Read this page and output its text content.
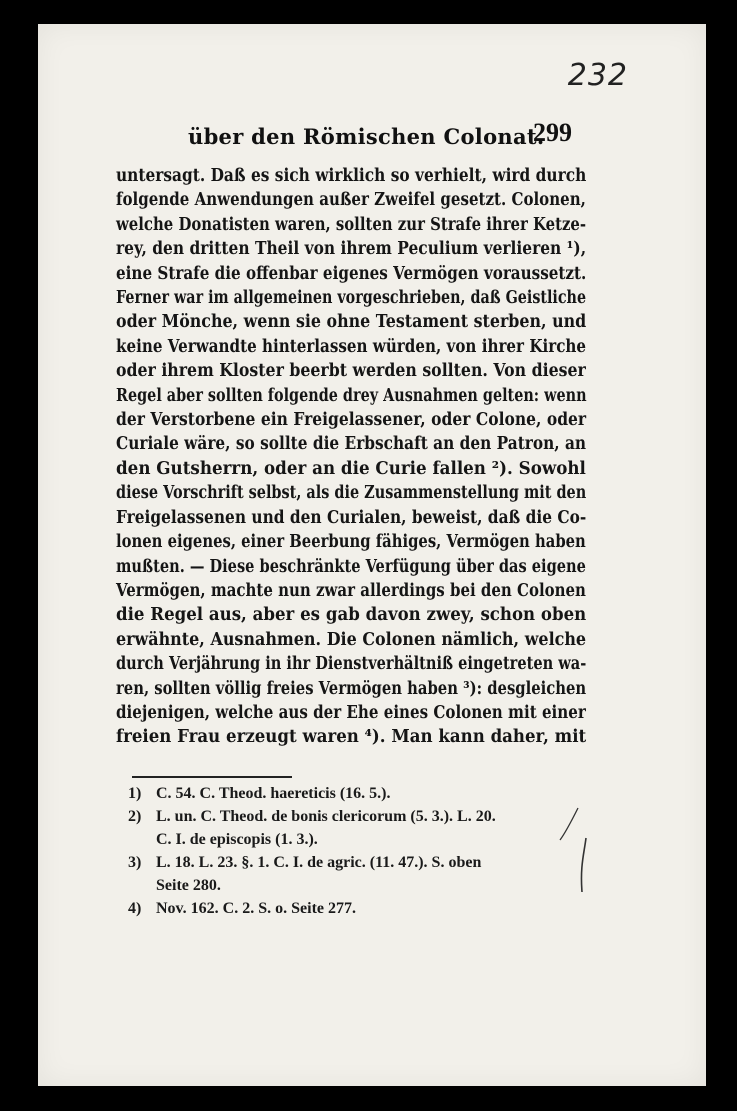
232
über den Römischen Colonat.
299
untersagt. Daß es sich wirklich so verhielt, wird durch
folgende Anwendungen außer Zweifel gesetzt. Colonen,
welche Donatisten waren, sollten zur Strafe ihrer Ketze-
rey, den dritten Theil von ihrem Peculium verlieren ¹),
eine Strafe die offenbar eigenes Vermögen voraussetzt.
Ferner war im allgemeinen vorgeschrieben, daß Geistliche
oder Mönche, wenn sie ohne Testament sterben, und
keine Verwandte hinterlassen würden, von ihrer Kirche
oder ihrem Kloster beerbt werden sollten. Von dieser
Regel aber sollten folgende drey Ausnahmen gelten: wenn
der Verstorbene ein Freigelassener, oder Colone, oder
Curiale wäre, so sollte die Erbschaft an den Patron, an
den Gutsherrn, oder an die Curie fallen ²). Sowohl
diese Vorschrift selbst, als die Zusammenstellung mit den
Freigelassenen und den Curialen, beweist, daß die Co-
lonen eigenes, einer Beerbung fähiges, Vermögen haben
mußten. — Diese beschränkte Verfügung über das eigene
Vermögen, machte nun zwar allerdings bei den Colonen
die Regel aus, aber es gab davon zwey, schon oben
erwähnte, Ausnahmen. Die Colonen nämlich, welche
durch Verjährung in ihr Dienstverhältniß eingetreten wa-
ren, sollten völlig freies Vermögen haben ³): desgleichen
diejenigen, welche aus der Ehe eines Colonen mit einer
freien Frau erzeugt waren ⁴). Man kann daher, mit
1) C. 54. C. Theod. haereticis (16. 5.).
2) L. un. C. Theod. de bonis clericorum (5. 3.). L. 20.
C. I. de episcopis (1. 3.).
3) L. 18. L. 23. §. 1. C. I. de agric. (11. 47.). S. oben
Seite 280.
4) Nov. 162. C. 2. S. o. Seite 277.
